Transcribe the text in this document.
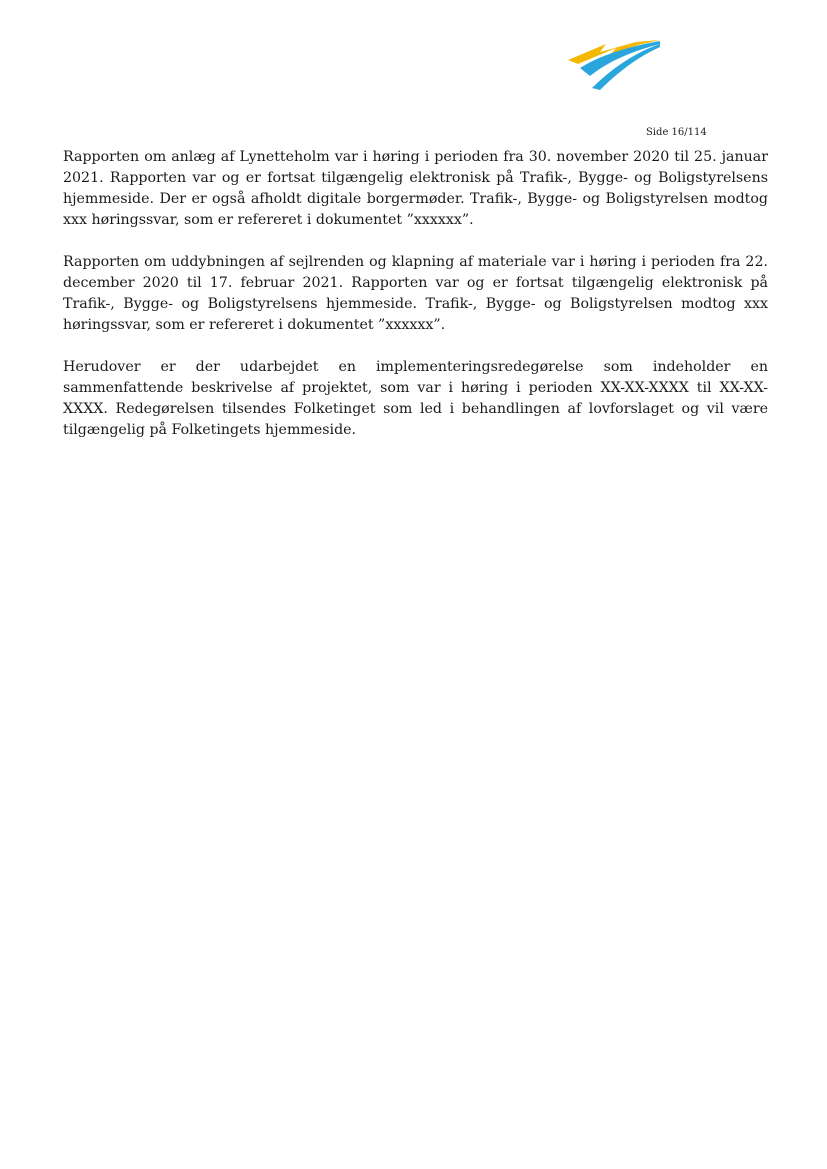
Side 16/114

Rapporten om anlæg af Lynetteholm var i høring i perioden fra 30. november 2020 til 25. januar 2021. Rapporten var og er fortsat tilgængelig elektronisk på Trafik-, Bygge- og Boligstyrelsens hjemmeside. Der er også afholdt digitale borgermøder. Trafik-, Bygge- og Boligstyrelsen modtog xxx høringssvar, som er refereret i dokumentet ”xxxxxx”.

Rapporten om uddybningen af sejlrenden og klapning af materiale var i høring i perioden fra 22. december 2020 til 17. februar 2021. Rapporten var og er fortsat tilgængelig elektronisk på Trafik-, Bygge- og Boligstyrelsens hjemmeside. Trafik-, Bygge- og Boligstyrelsen modtog xxx høringssvar, som er refereret i dokumentet ”xxxxxx”.

Herudover er der udarbejdet en implementeringsredegørelse som indeholder en sammenfattende beskrivelse af projektet, som var i høring i perioden XX-XX-XXXX til XX-XX-XXXX. Redegørelsen tilsendes Folketinget som led i behandlingen af lovforslaget og vil være tilgængelig på Folketingets hjemmeside.
